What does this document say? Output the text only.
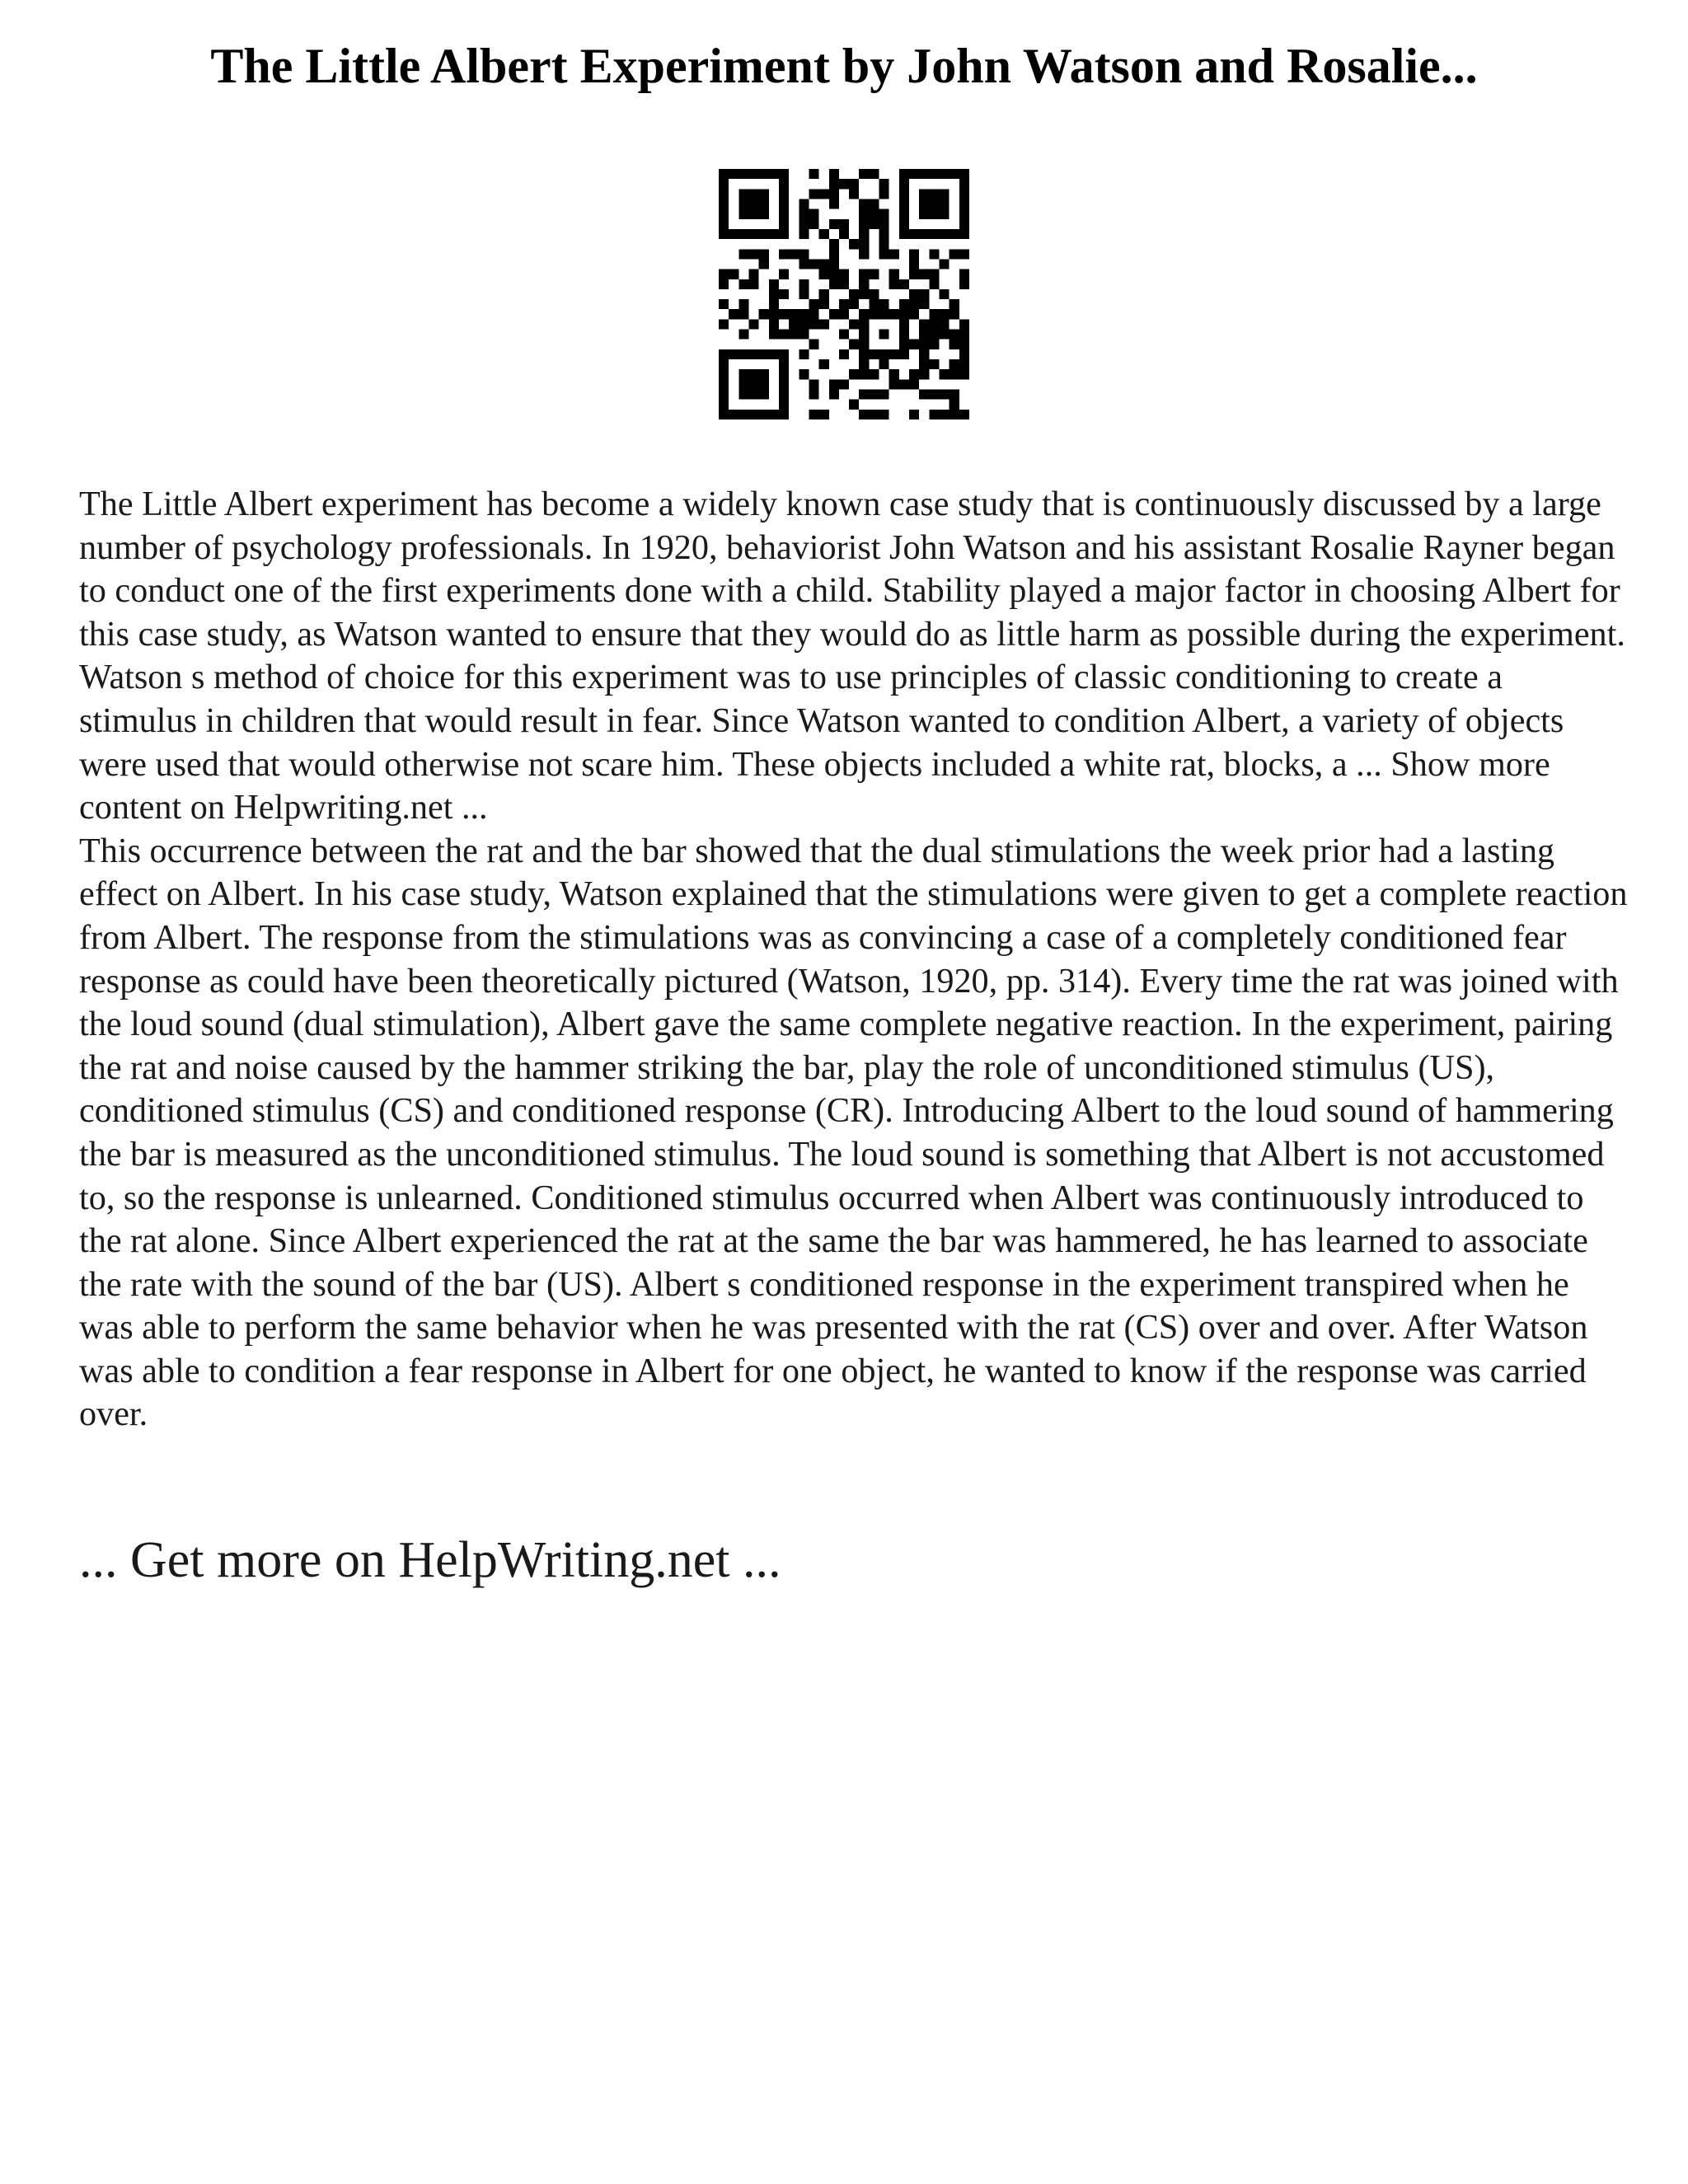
The Little Albert Experiment by John Watson and Rosalie...

The Little Albert experiment has become a widely known case study that is continuously discussed by a large number of psychology professionals. In 1920, behaviorist John Watson and his assistant Rosalie Rayner began to conduct one of the first experiments done with a child. Stability played a major factor in choosing Albert for this case study, as Watson wanted to ensure that they would do as little harm as possible during the experiment. Watson s method of choice for this experiment was to use principles of classic conditioning to create a stimulus in children that would result in fear. Since Watson wanted to condition Albert, a variety of objects were used that would otherwise not scare him. These objects included a white rat, blocks, a ... Show more content on Helpwriting.net ...

This occurrence between the rat and the bar showed that the dual stimulations the week prior had a lasting effect on Albert. In his case study, Watson explained that the stimulations were given to get a complete reaction from Albert. The response from the stimulations was as convincing a case of a completely conditioned fear response as could have been theoretically pictured (Watson, 1920, pp. 314). Every time the rat was joined with the loud sound (dual stimulation), Albert gave the same complete negative reaction. In the experiment, pairing the rat and noise caused by the hammer striking the bar, play the role of unconditioned stimulus (US), conditioned stimulus (CS) and conditioned response (CR). Introducing Albert to the loud sound of hammering the bar is measured as the unconditioned stimulus. The loud sound is something that Albert is not accustomed to, so the response is unlearned. Conditioned stimulus occurred when Albert was continuously introduced to the rat alone. Since Albert experienced the rat at the same the bar was hammered, he has learned to associate the rate with the sound of the bar (US). Albert s conditioned response in the experiment transpired when he was able to perform the same behavior when he was presented with the rat (CS) over and over. After Watson was able to condition a fear response in Albert for one object, he wanted to know if the response was carried over.

... Get more on HelpWriting.net ...
